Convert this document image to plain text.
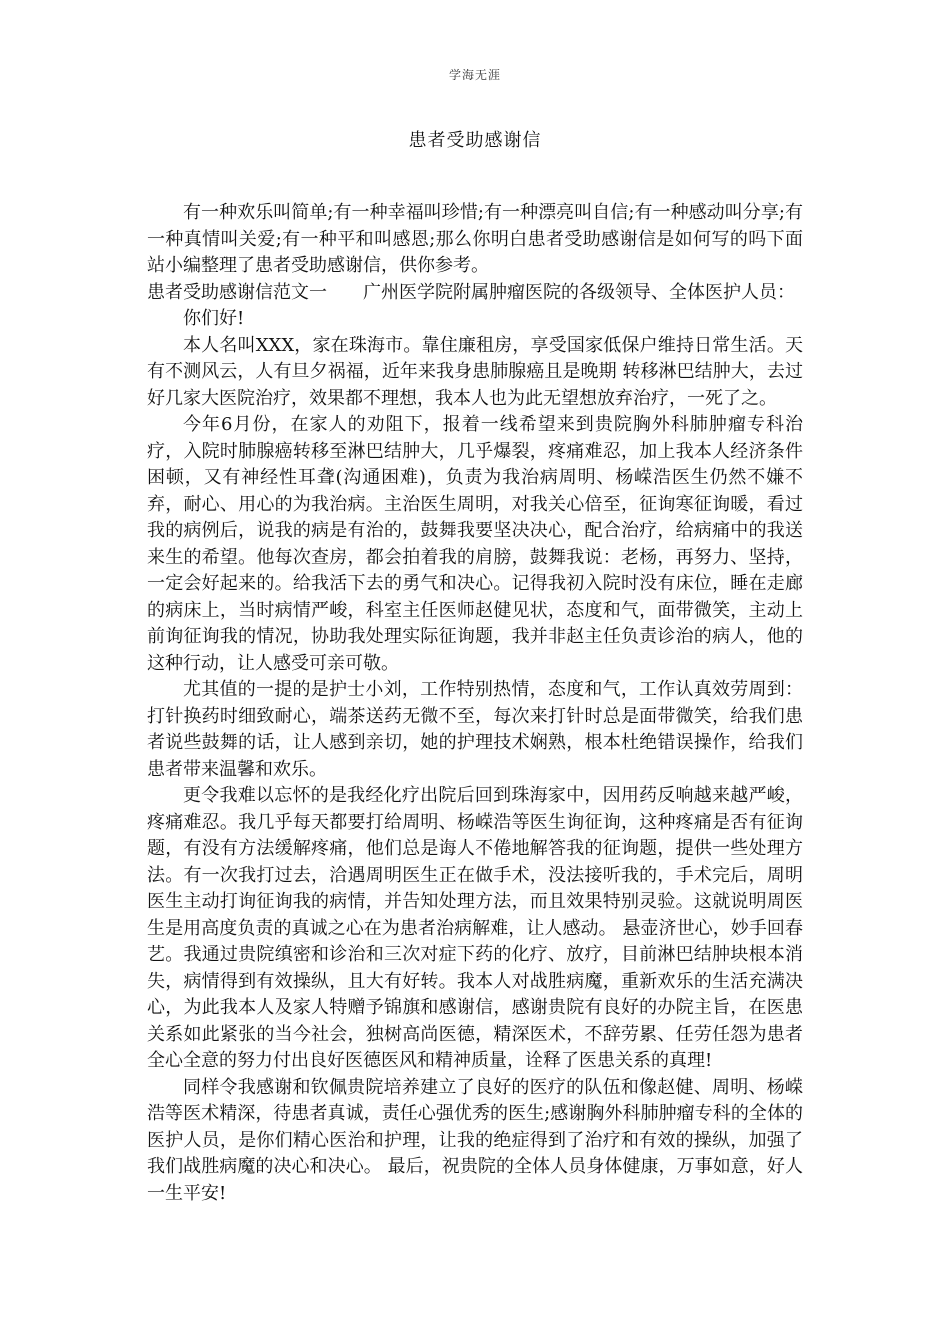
学海无涯
患者受助感谢信

有一种欢乐叫简单;有一种幸福叫珍惜;有一种漂亮叫自信;有一种感动叫分享;有一种真情叫关爱;有一种平和叫感恩;那么你明白患者受助感谢信是如何写的吗下面站小编整理了患者受助感谢信，供你参考。

患者受助感谢信范文一　　广州医学院附属肿瘤医院的各级领导、全体医护人员：

你们好!

本人名叫XXX，家在珠海市。靠住廉租房，享受国家低保户维持日常生活。天有不测风云，人有旦夕祸福，近年来我身患肺腺癌且是晚期 转移淋巴结肿大，去过好几家大医院治疗，效果都不理想，我本人也为此无望想放弃治疗，一死了之。

今年6月份，在家人的劝阻下，报着一线希望来到贵院胸外科肺肿瘤专科治疗，入院时肺腺癌转移至淋巴结肿大，几乎爆裂，疼痛难忍，加上我本人经济条件困顿，又有神经性耳聋(沟通困难)，负责为我治病周明、杨嵘浩医生仍然不嫌不弃，耐心、用心的为我治病。主治医生周明，对我关心倍至，征询寒征询暖，看过我的病例后，说我的病是有治的，鼓舞我要坚决决心，配合治疗，给病痛中的我送来生的希望。他每次查房，都会拍着我的肩膀，鼓舞我说：老杨，再努力、坚持，一定会好起来的。给我活下去的勇气和决心。记得我初入院时没有床位，睡在走廊的病床上，当时病情严峻，科室主任医师赵健见状，态度和气，面带微笑，主动上前询征询我的情况，协助我处理实际征询题，我并非赵主任负责诊治的病人，他的这种行动，让人感受可亲可敬。

尤其值的一提的是护士小刘，工作特别热情，态度和气，工作认真效劳周到：打针换药时细致耐心，端茶送药无微不至，每次来打针时总是面带微笑，给我们患者说些鼓舞的话，让人感到亲切，她的护理技术娴熟，根本杜绝错误操作，给我们患者带来温馨和欢乐。

更令我难以忘怀的是我经化疗出院后回到珠海家中，因用药反响越来越严峻，疼痛难忍。我几乎每天都要打给周明、杨嵘浩等医生询征询，这种疼痛是否有征询题，有没有方法缓解疼痛，他们总是诲人不倦地解答我的征询题，提供一些处理方法。有一次我打过去，洽遇周明医生正在做手术，没法接听我的，手术完后，周明医生主动打询征询我的病情，并告知处理方法，而且效果特别灵验。这就说明周医生是用高度负责的真诚之心在为患者治病解难，让人感动。 悬壶济世心，妙手回春艺。我通过贵院缜密和诊治和三次对症下药的化疗、放疗，目前淋巴结肿块根本消失，病情得到有效操纵，且大有好转。我本人对战胜病魔，重新欢乐的生活充满决心，为此我本人及家人特赠予锦旗和感谢信，感谢贵院有良好的办院主旨，在医患关系如此紧张的当今社会，独树高尚医德，精深医术，不辞劳累、任劳任怨为患者全心全意的努力付出良好医德医风和精神质量，诠释了医患关系的真理!

同样令我感谢和钦佩贵院培养建立了良好的医疗的队伍和像赵健、周明、杨嵘浩等医术精深，待患者真诚，责任心强优秀的医生;感谢胸外科肺肿瘤专科的全体的医护人员，是你们精心医治和护理，让我的绝症得到了治疗和有效的操纵，加强了我们战胜病魔的决心和决心。 最后，祝贵院的全体人员身体健康，万事如意，好人一生平安!
